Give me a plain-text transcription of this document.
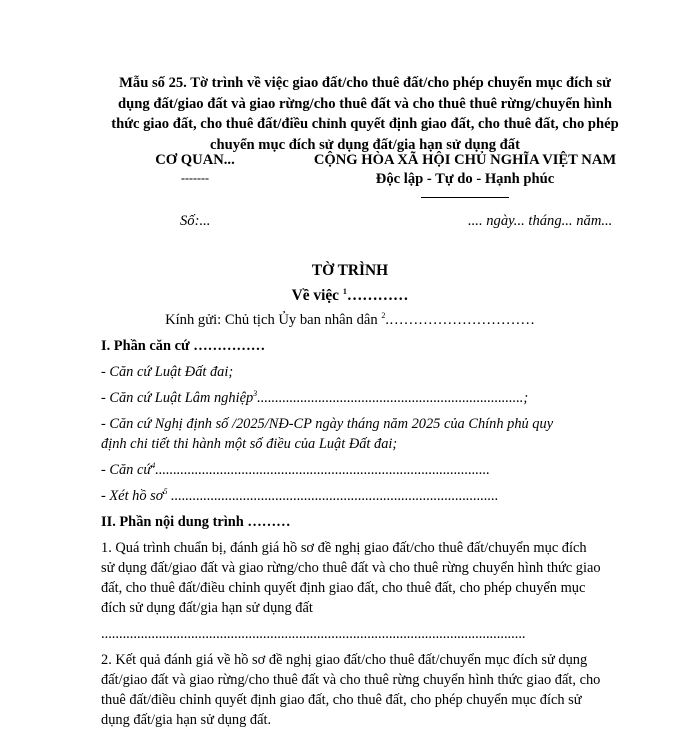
Mẫu số 25. Tờ trình về việc giao đất/cho thuê đất/cho phép chuyển mục đích sử
dụng đất/giao đất và giao rừng/cho thuê đất và cho thuê thuê rừng/chuyển hình
thức giao đất, cho thuê đất/điều chỉnh quyết định giao đất, cho thuê đất, cho phép
chuyển mục đích sử dụng đất/gia hạn sử dụng đất
CƠ QUAN...
-------
CỘNG HÒA XÃ HỘI CHỦ NGHĨA VIỆT NAM
Độc lập - Tự do - Hạnh phúc
Số:...	.... ngày... tháng... năm...
TỜ TRÌNH
Về việc $^1$…………
Kính gửi: Chủ tịch Ủy ban nhân dân $^2$.…………………………

I. Phần căn cứ ……………

- Căn cứ Luật Đất đai;

- Căn cứ Luật Lâm nghiệp$^3$..........................................................................;

- Căn cứ Nghị định số /2025/NĐ-CP ngày tháng năm 2025 của Chính phủ quy

định chi tiết thi hành một số điều của Luật Đất đai;

- Căn cứ$^4$.............................................................................................

- Xét hồ $sơ^5$ ...........................................................................................

II. Phần nội dung trình ………

1. Quá trình chuẩn bị, đánh giá hồ sơ đề nghị giao đất/cho thuê đất/chuyển mục đích

sử dụng đất/giao đất và giao rừng/cho thuê đất và cho thuê rừng chuyển hình thức giao

đất, cho thuê đất/điều chỉnh quyết định giao đất, cho thuê đất, cho phép chuyển mục

đích sử dụng đất/gia hạn sử dụng đất

......................................................................................................................

2. Kết quả đánh giá về hồ sơ đề nghị giao đất/cho thuê đất/chuyển mục đích sử dụng

đất/giao đất và giao rừng/cho thuê đất và cho thuê rừng chuyển hình thức giao đất, cho

thuê đất/điều chỉnh quyết định giao đất, cho thuê đất, cho phép chuyển mục đích sử

dụng đất/gia hạn sử dụng đất.
